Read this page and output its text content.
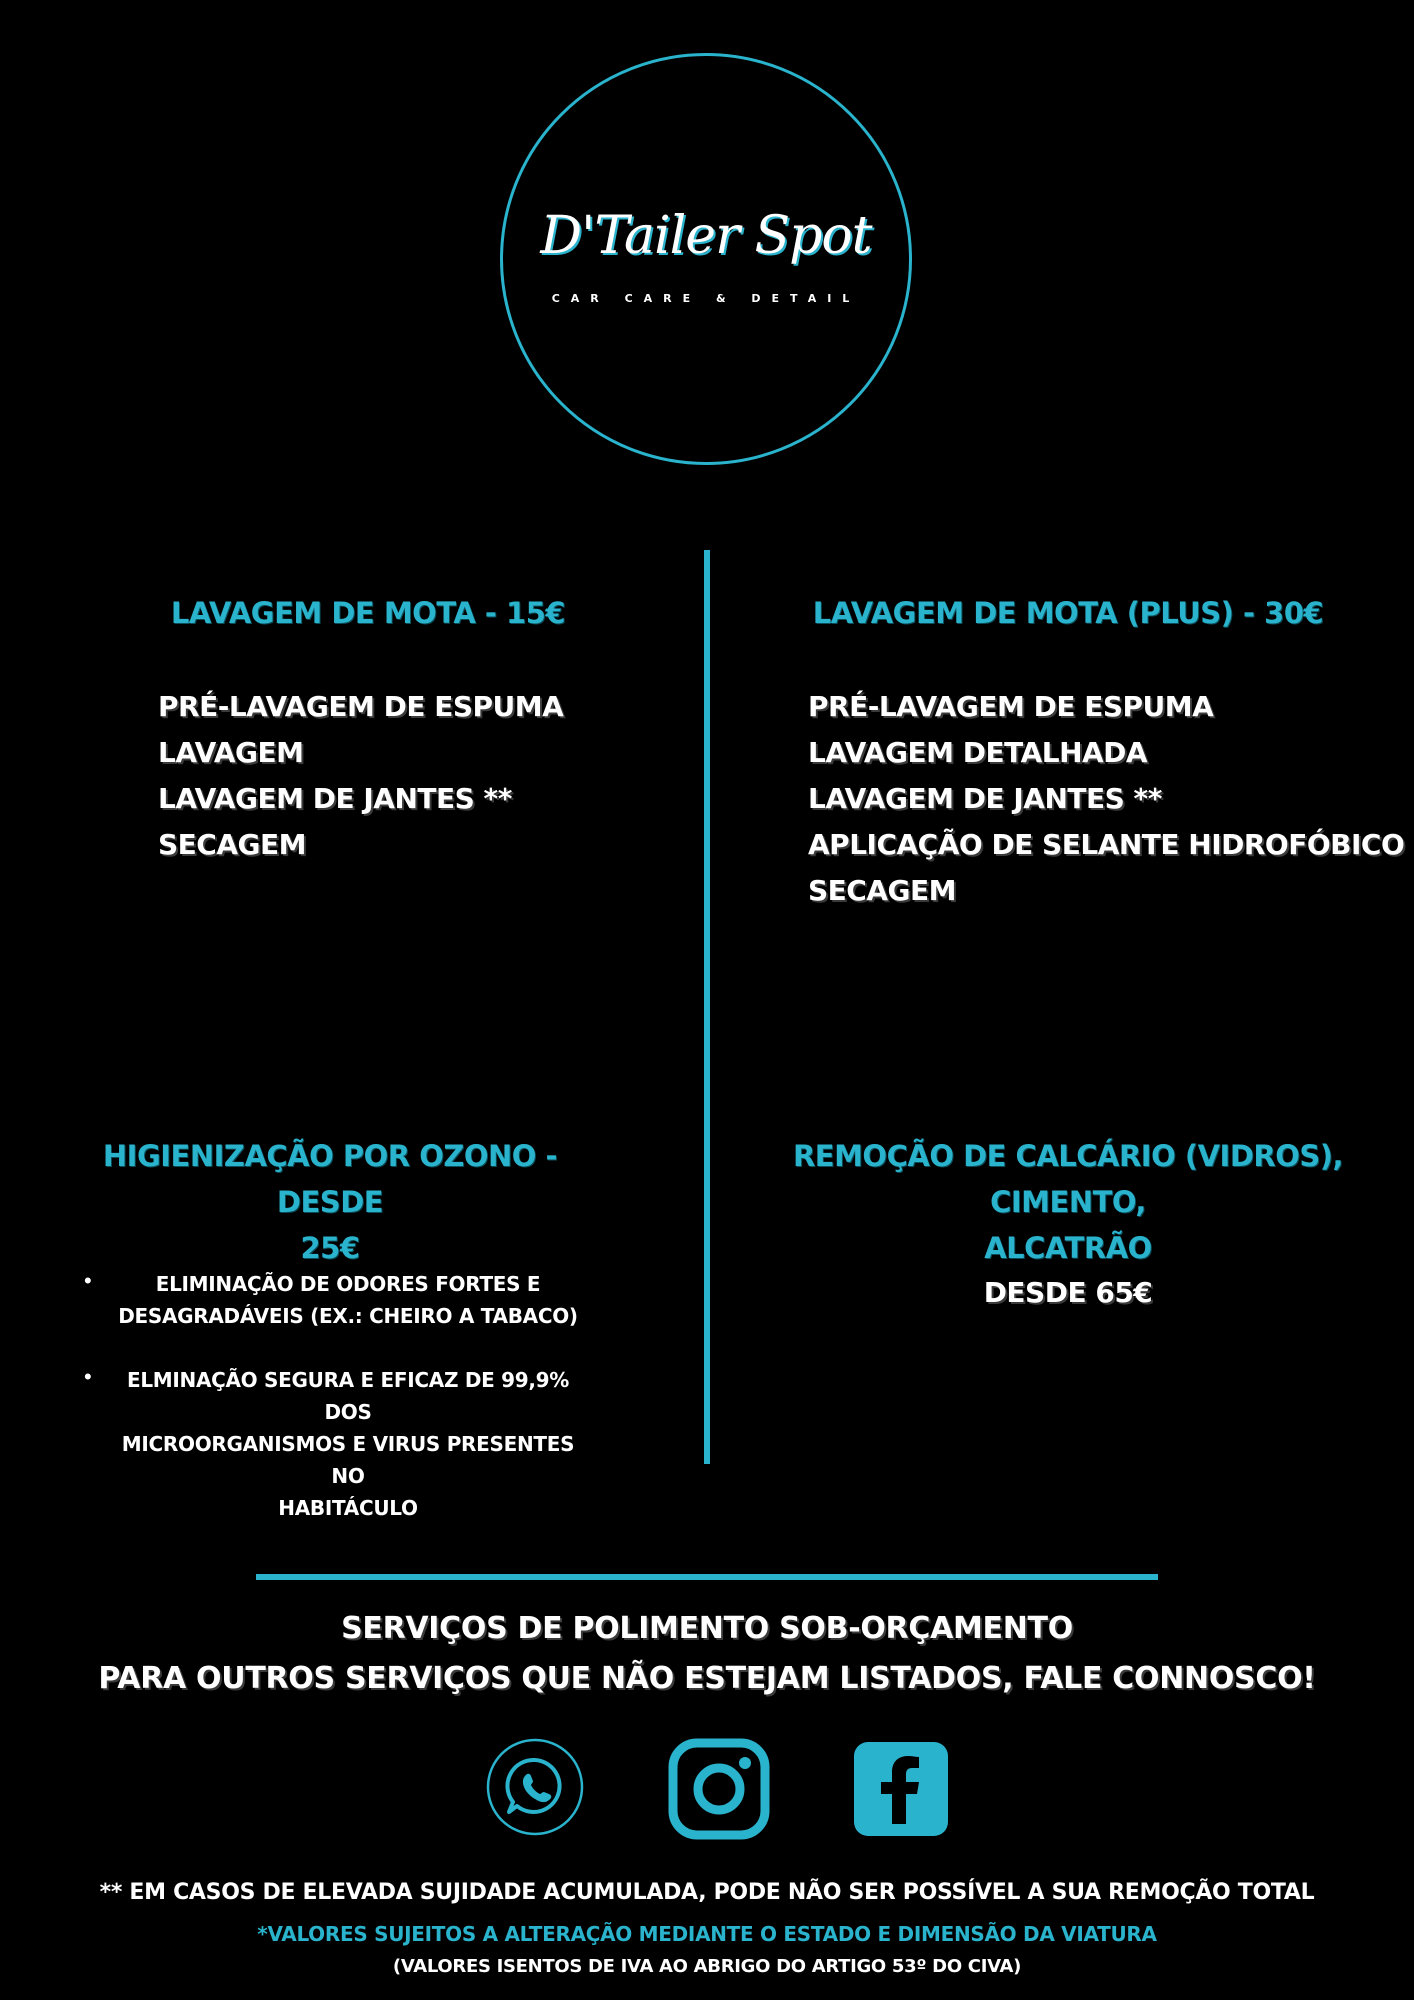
D'Tailer Spot
CAR CARE & DETAIL
LAVAGEM DE MOTA - 15€
PRÉ-LAVAGEM DE ESPUMA
LAVAGEM
LAVAGEM DE JANTES **
SECAGEM
LAVAGEM DE MOTA (PLUS) - 30€
PRÉ-LAVAGEM DE ESPUMA
LAVAGEM DETALHADA
LAVAGEM DE JANTES **
APLICAÇÃO DE SELANTE HIDROFÓBICO
SECAGEM
HIGIENIZAÇÃO POR OZONO - DESDE
25€
•	ELIMINAÇÃO DE ODORES FORTES E
DESAGRADÁVEIS (EX.: CHEIRO A TABACO)
•	ELMINAÇÃO SEGURA E EFICAZ DE 99,9% DOS
MICROORGANISMOS E VIRUS PRESENTES NO
HABITÁCULO
REMOÇÃO DE CALCÁRIO (VIDROS), CIMENTO,
ALCATRÃO
DESDE 65€
SERVIÇOS DE POLIMENTO SOB-ORÇAMENTO
PARA OUTROS SERVIÇOS QUE NÃO ESTEJAM LISTADOS, FALE CONNOSCO!
** EM CASOS DE ELEVADA SUJIDADE ACUMULADA, PODE NÃO SER POSSÍVEL A SUA REMOÇÃO TOTAL
*VALORES SUJEITOS A ALTERAÇÃO MEDIANTE O ESTADO E DIMENSÃO DA VIATURA
(VALORES ISENTOS DE IVA AO ABRIGO DO ARTIGO 53º DO CIVA)
